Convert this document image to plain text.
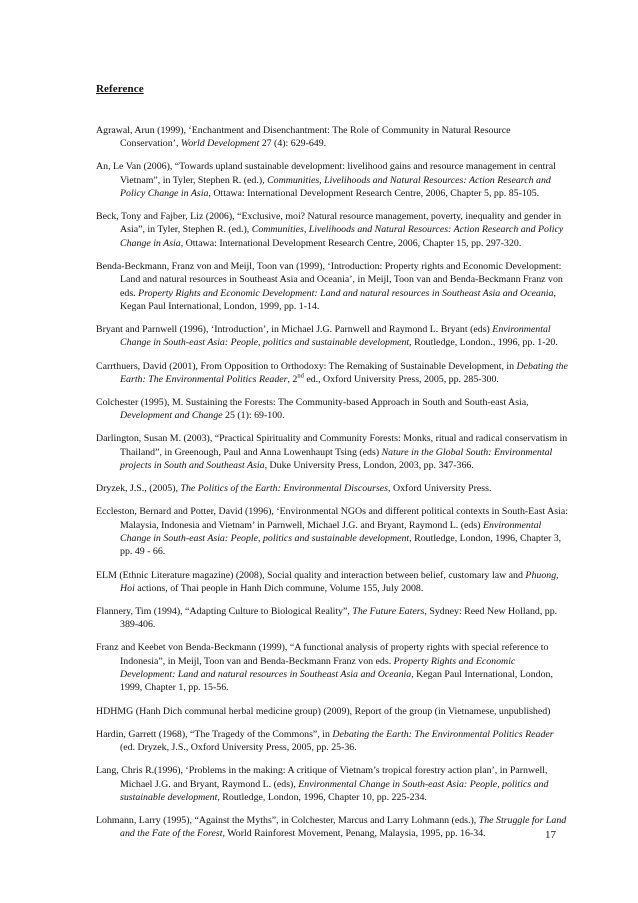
Reference

Agrawal, Arun (1999), ‘Enchantment and Disenchantment: The Role of Community in Natural Resource Conservation’, World Development 27 (4): 629-649.

An, Le Van (2006), “Towards upland sustainable development: livelihood gains and resource management in central Vietnam”, in Tyler, Stephen R. (ed.), Communities, Livelihoods and Natural Resources: Action Research and Policy Change in Asia, Ottawa: International Development Research Centre, 2006, Chapter 5, pp. 85-105.

Beck, Tony and Fajber, Liz (2006), “Exclusive, moi? Natural resource management, poverty, inequality and gender in Asia”, in Tyler, Stephen R. (ed.), Communities, Livelihoods and Natural Resources: Action Research and Policy Change in Asia, Ottawa: International Development Research Centre, 2006, Chapter 15, pp. 297-320.

Benda-Beckmann, Franz von and Meijl, Toon van (1999), ‘Introduction: Property rights and Economic Development: Land and natural resources in Southeast Asia and Oceania’, in Meijl, Toon van and Benda-Beckmann Franz von eds. Property Rights and Economic Development: Land and natural resources in Southeast Asia and Oceania, Kegan Paul International, London, 1999, pp. 1-14.

Bryant and Parnwell (1996), ‘Introduction’, in Michael J.G. Parnwell and Raymond L. Bryant (eds) Environmental Change in South-east Asia: People, politics and sustainable development, Routledge, London., 1996, pp. 1-20.

Carrthuers, David (2001), From Opposition to Orthodoxy: The Remaking of Sustainable Development, in Debating the Earth: The Environmental Politics Reader, 2nd ed., Oxford University Press, 2005, pp. 285-300.

Colchester (1995), M. Sustaining the Forests: The Community-based Approach in South and South-east Asia, Development and Change 25 (1): 69-100.

Darlington, Susan M. (2003), “Practical Spirituality and Community Forests: Monks, ritual and radical conservatism in Thailand”, in Greenough, Paul and Anna Lowenhaupt Tsing (eds) Nature in the Global South: Environmental projects in South and Southeast Asia, Duke University Press, London, 2003, pp. 347-366.

Dryzek, J.S., (2005), The Politics of the Earth: Environmental Discourses, Oxford University Press.

Eccleston, Bernard and Potter, David (1996), ‘Environmental NGOs and different political contexts in South-East Asia: Malaysia, Indonesia and Vietnam’ in Parnwell, Michael J.G. and Bryant, Raymond L. (eds) Environmental Change in South-east Asia: People, politics and sustainable development, Routledge, London, 1996, Chapter 3, pp. 49 - 66.

ELM (Ethnic Literature magazine) (2008), Social quality and interaction between belief, customary law and Phuong, Hoi actions, of Thai people in Hanh Dich commune, Volume 155, July 2008.

Flannery, Tim (1994), “Adapting Culture to Biological Reality”, The Future Eaters, Sydney: Reed New Holland, pp. 389-406.

Franz and Keebet von Benda-Beckmann (1999), “A functional analysis of property rights with special reference to Indonesia”, in Meijl, Toon van and Benda-Beckmann Franz von eds. Property Rights and Economic Development: Land and natural resources in Southeast Asia and Oceania, Kegan Paul International, London, 1999, Chapter 1, pp. 15-56.

HDHMG (Hanh Dich communal herbal medicine group) (2009), Report of the group (in Vietnamese, unpublished)

Hardin, Garrett (1968), “The Tragedy of the Commons”, in Debating the Earth: The Environmental Politics Reader (ed. Dryzek, J.S., Oxford University Press, 2005, pp. 25-36.

Lang, Chris R.(1996), ‘Problems in the making: A critique of Vietnam’s tropical forestry action plan’, in Parnwell, Michael J.G. and Bryant, Raymond L. (eds), Environmental Change in South-east Asia: People, politics and sustainable development, Routledge, London, 1996, Chapter 10, pp. 225-234.

Lohmann, Larry (1995), “Against the Myths”, in Colchester, Marcus and Larry Lohmann (eds.), The Struggle for Land and the Fate of the Forest, World Rainforest Movement, Penang, Malaysia, 1995, pp. 16-34.	17
